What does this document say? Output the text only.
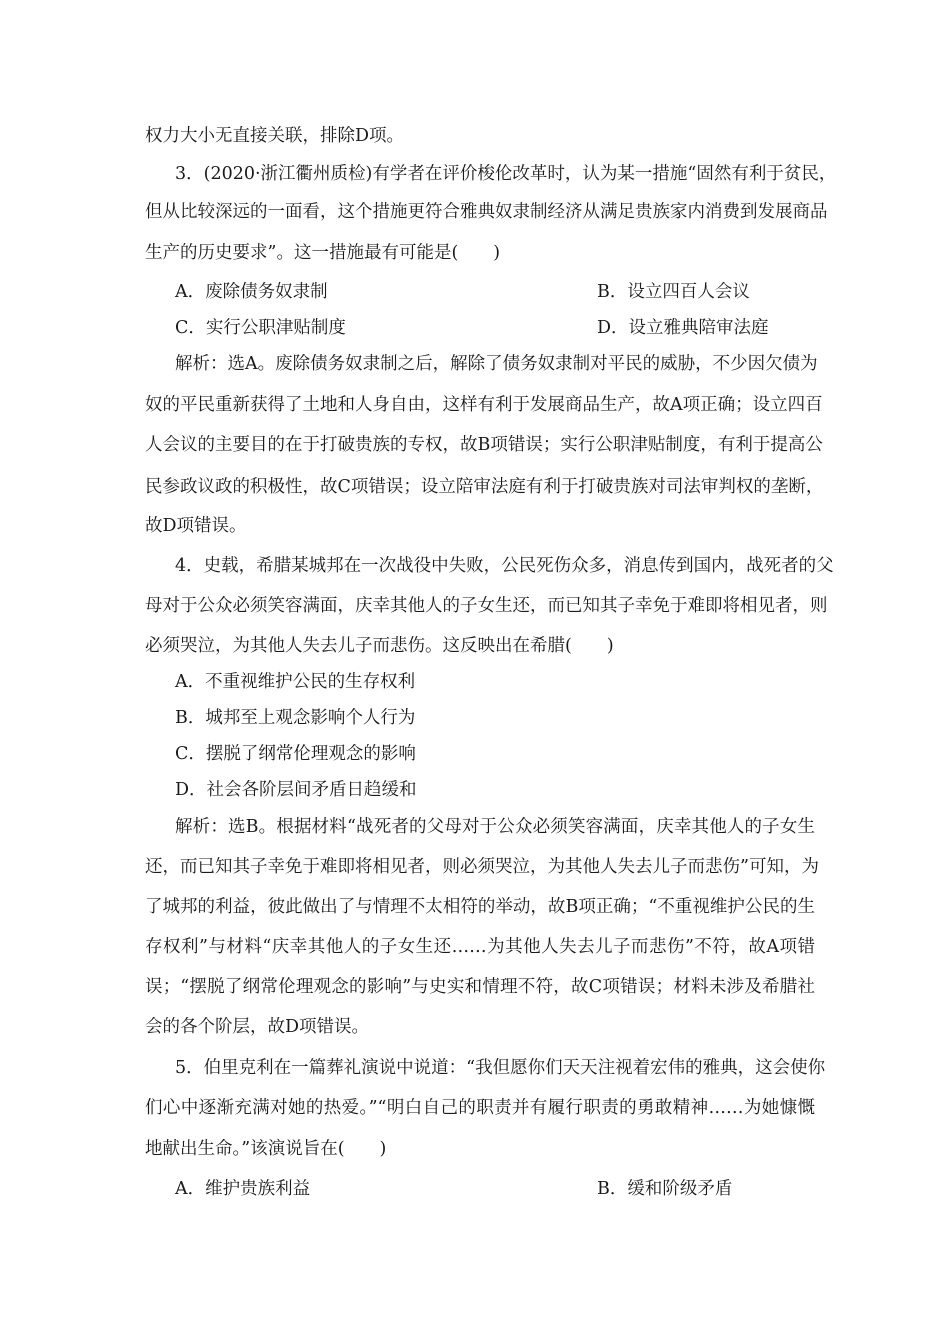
权力大小无直接关联，排除D项。
3．(2020·浙江衢州质检)有学者在评价梭伦改革时，认为某一措施“固然有利于贫民，
但从比较深远的一面看，这个措施更符合雅典奴隶制经济从满足贵族家内消费到发展商品
生产的历史要求”。这一措施最有可能是(　　)
A．废除债务奴隶制	B．设立四百人会议
C．实行公职津贴制度	D．设立雅典陪审法庭
解析：选A。废除债务奴隶制之后，解除了债务奴隶制对平民的威胁，不少因欠债为
奴的平民重新获得了土地和人身自由，这样有利于发展商品生产，故A项正确；设立四百
人会议的主要目的在于打破贵族的专权，故B项错误；实行公职津贴制度，有利于提高公
民参政议政的积极性，故C项错误；设立陪审法庭有利于打破贵族对司法审判权的垄断，
故D项错误。
4．史载，希腊某城邦在一次战役中失败，公民死伤众多，消息传到国内，战死者的父
母对于公众必须笑容满面，庆幸其他人的子女生还，而已知其子幸免于难即将相见者，则
必须哭泣，为其他人失去儿子而悲伤。这反映出在希腊(　　)
A．不重视维护公民的生存权利
B．城邦至上观念影响个人行为
C．摆脱了纲常伦理观念的影响
D．社会各阶层间矛盾日趋缓和
解析：选B。根据材料“战死者的父母对于公众必须笑容满面，庆幸其他人的子女生
还，而已知其子幸免于难即将相见者，则必须哭泣，为其他人失去儿子而悲伤”可知，为
了城邦的利益，彼此做出了与情理不太相符的举动，故B项正确；“不重视维护公民的生
存权利”与材料“庆幸其他人的子女生还……为其他人失去儿子而悲伤”不符，故A项错
误；“摆脱了纲常伦理观念的影响”与史实和情理不符，故C项错误；材料未涉及希腊社
会的各个阶层，故D项错误。
5．伯里克利在一篇葬礼演说中说道：“我但愿你们天天注视着宏伟的雅典，这会使你
们心中逐渐充满对她的热爱。”“明白自己的职责并有履行职责的勇敢精神……为她慷慨
地献出生命。”该演说旨在(　　)
A．维护贵族利益	B．缓和阶级矛盾
